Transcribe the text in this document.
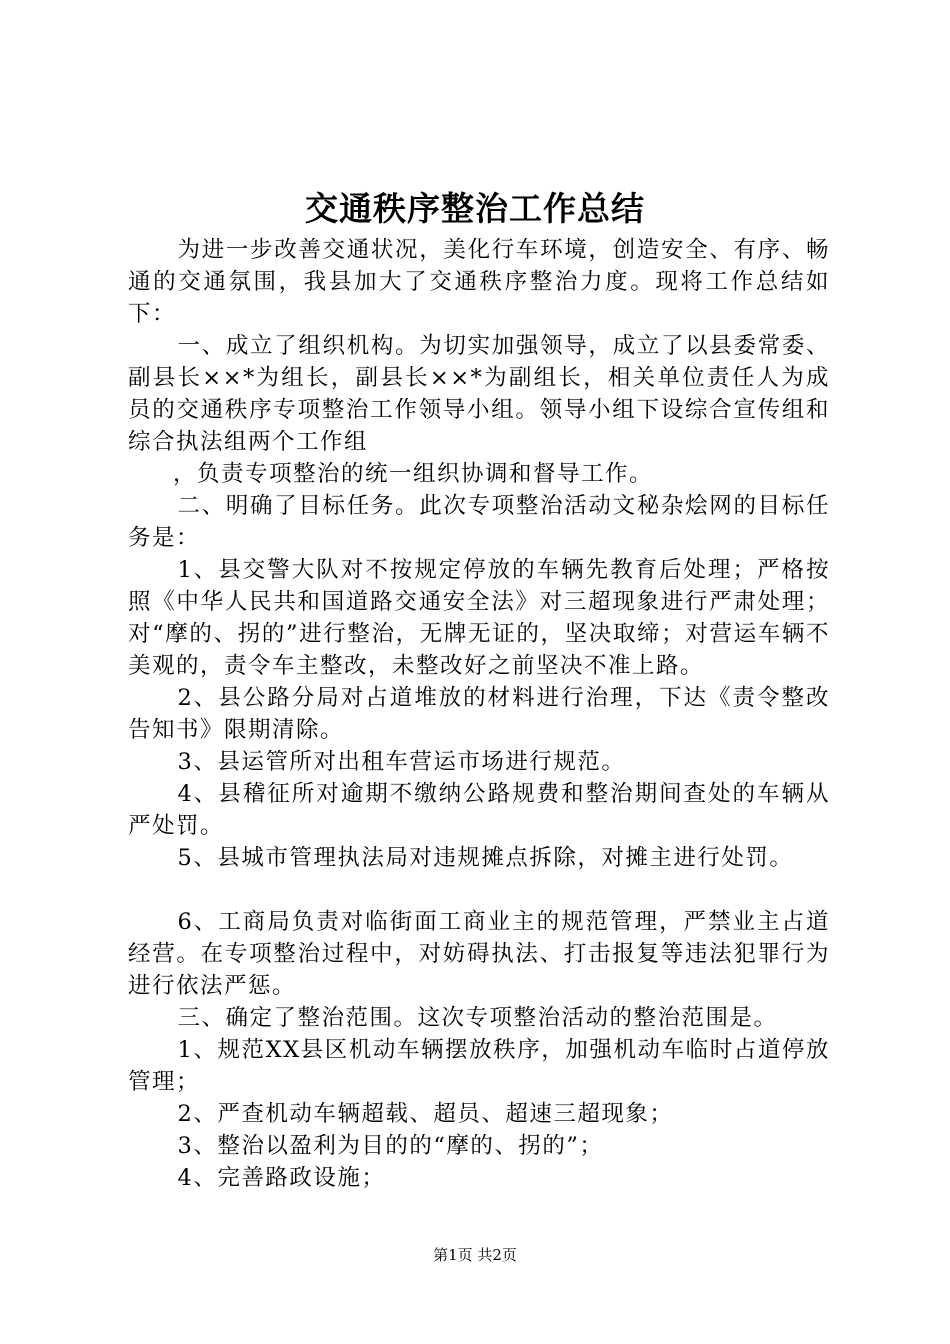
交通秩序整治工作总结

为进一步改善交通状况，美化行车环境，创造安全、有序、畅通的交通氛围，我县加大了交通秩序整治力度。现将工作总结如下：

一、成立了组织机构。为切实加强领导，成立了以县委常委、副县长××*为组长，副县长××*为副组长，相关单位责任人为成员的交通秩序专项整治工作领导小组。领导小组下设综合宣传组和综合执法组两个工作组

，负责专项整治的统一组织协调和督导工作。

二、明确了目标任务。此次专项整治活动文秘杂烩网的目标任务是：

1、县交警大队对不按规定停放的车辆先教育后处理；严格按照《中华人民共和国道路交通安全法》对三超现象进行严肃处理；对“摩的、拐的”进行整治，无牌无证的，坚决取缔；对营运车辆不美观的，责令车主整改，未整改好之前坚决不准上路。

2、县公路分局对占道堆放的材料进行治理，下达《责令整改告知书》限期清除。

3、县运管所对出租车营运市场进行规范。

4、县稽征所对逾期不缴纳公路规费和整治期间查处的车辆从严处罚。

5、县城市管理执法局对违规摊点拆除，对摊主进行处罚。

6、工商局负责对临街面工商业主的规范管理，严禁业主占道经营。在专项整治过程中，对妨碍执法、打击报复等违法犯罪行为进行依法严惩。

三、确定了整治范围。这次专项整治活动的整治范围是。

1、规范XX县区机动车辆摆放秩序，加强机动车临时占道停放管理；

2、严查机动车辆超载、超员、超速三超现象；

3、整治以盈利为目的的“摩的、拐的”；

4、完善路政设施；

第1页 共2页
